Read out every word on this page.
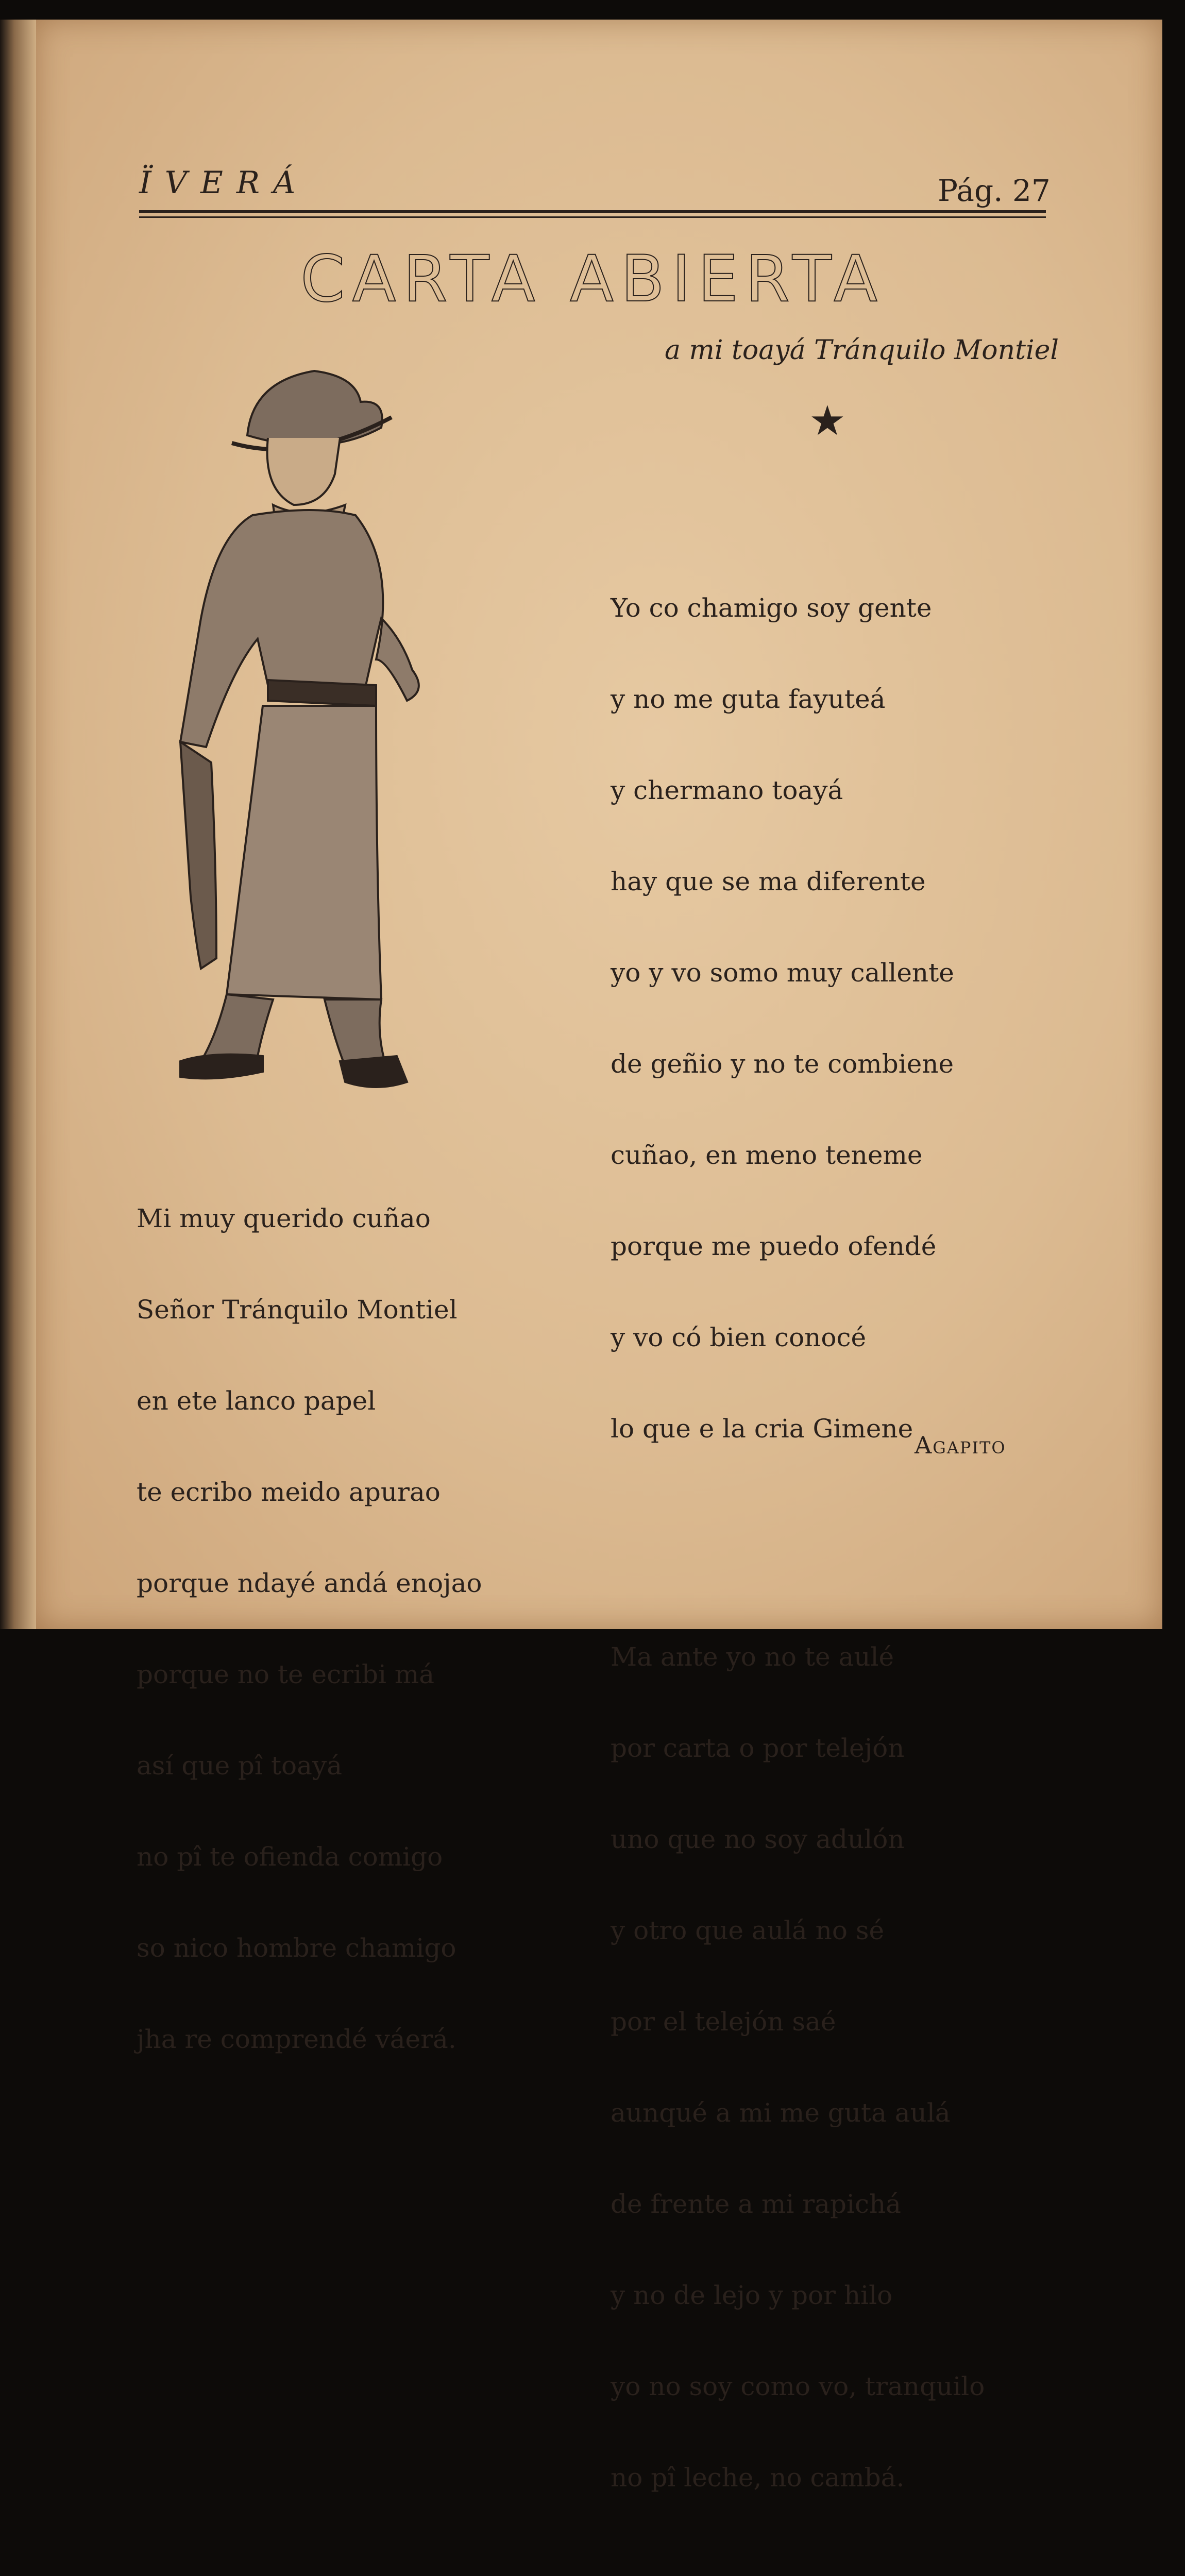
ÏVERÁ	Pág. 27
CARTA ABIERTA
a mi toayá Tránquilo Montiel
★

Mi muy querido cuñao

Señor Tránquilo Montiel

en ete lanco papel

te ecribo meido apurao

porque ndayé andá enojao

porque no te ecribi má

así que pî toayá

no pî te ofienda comigo

so nico hombre chamigo

jha re comprendé váerá.

Yo co chamigo soy gente

y no me guta fayuteá

y chermano toayá

hay que se ma diferente

yo y vo somo muy callente

de geñio y no te combiene

cuñao, en meno teneme

porque me puedo ofendé

y vo có bien conocé

lo que e la cria Gimene

Ma ante yo no te aulé

por carta o por telejón

uno que no soy adulón

y otro que aulá no sé

por el telejón saé

aunqué a mi me guta aulá

de frente a mi rapichá

y no de lejo y por hilo

yo no soy como vo, tranquilo

no pî leche, no cambá.

Agapito
